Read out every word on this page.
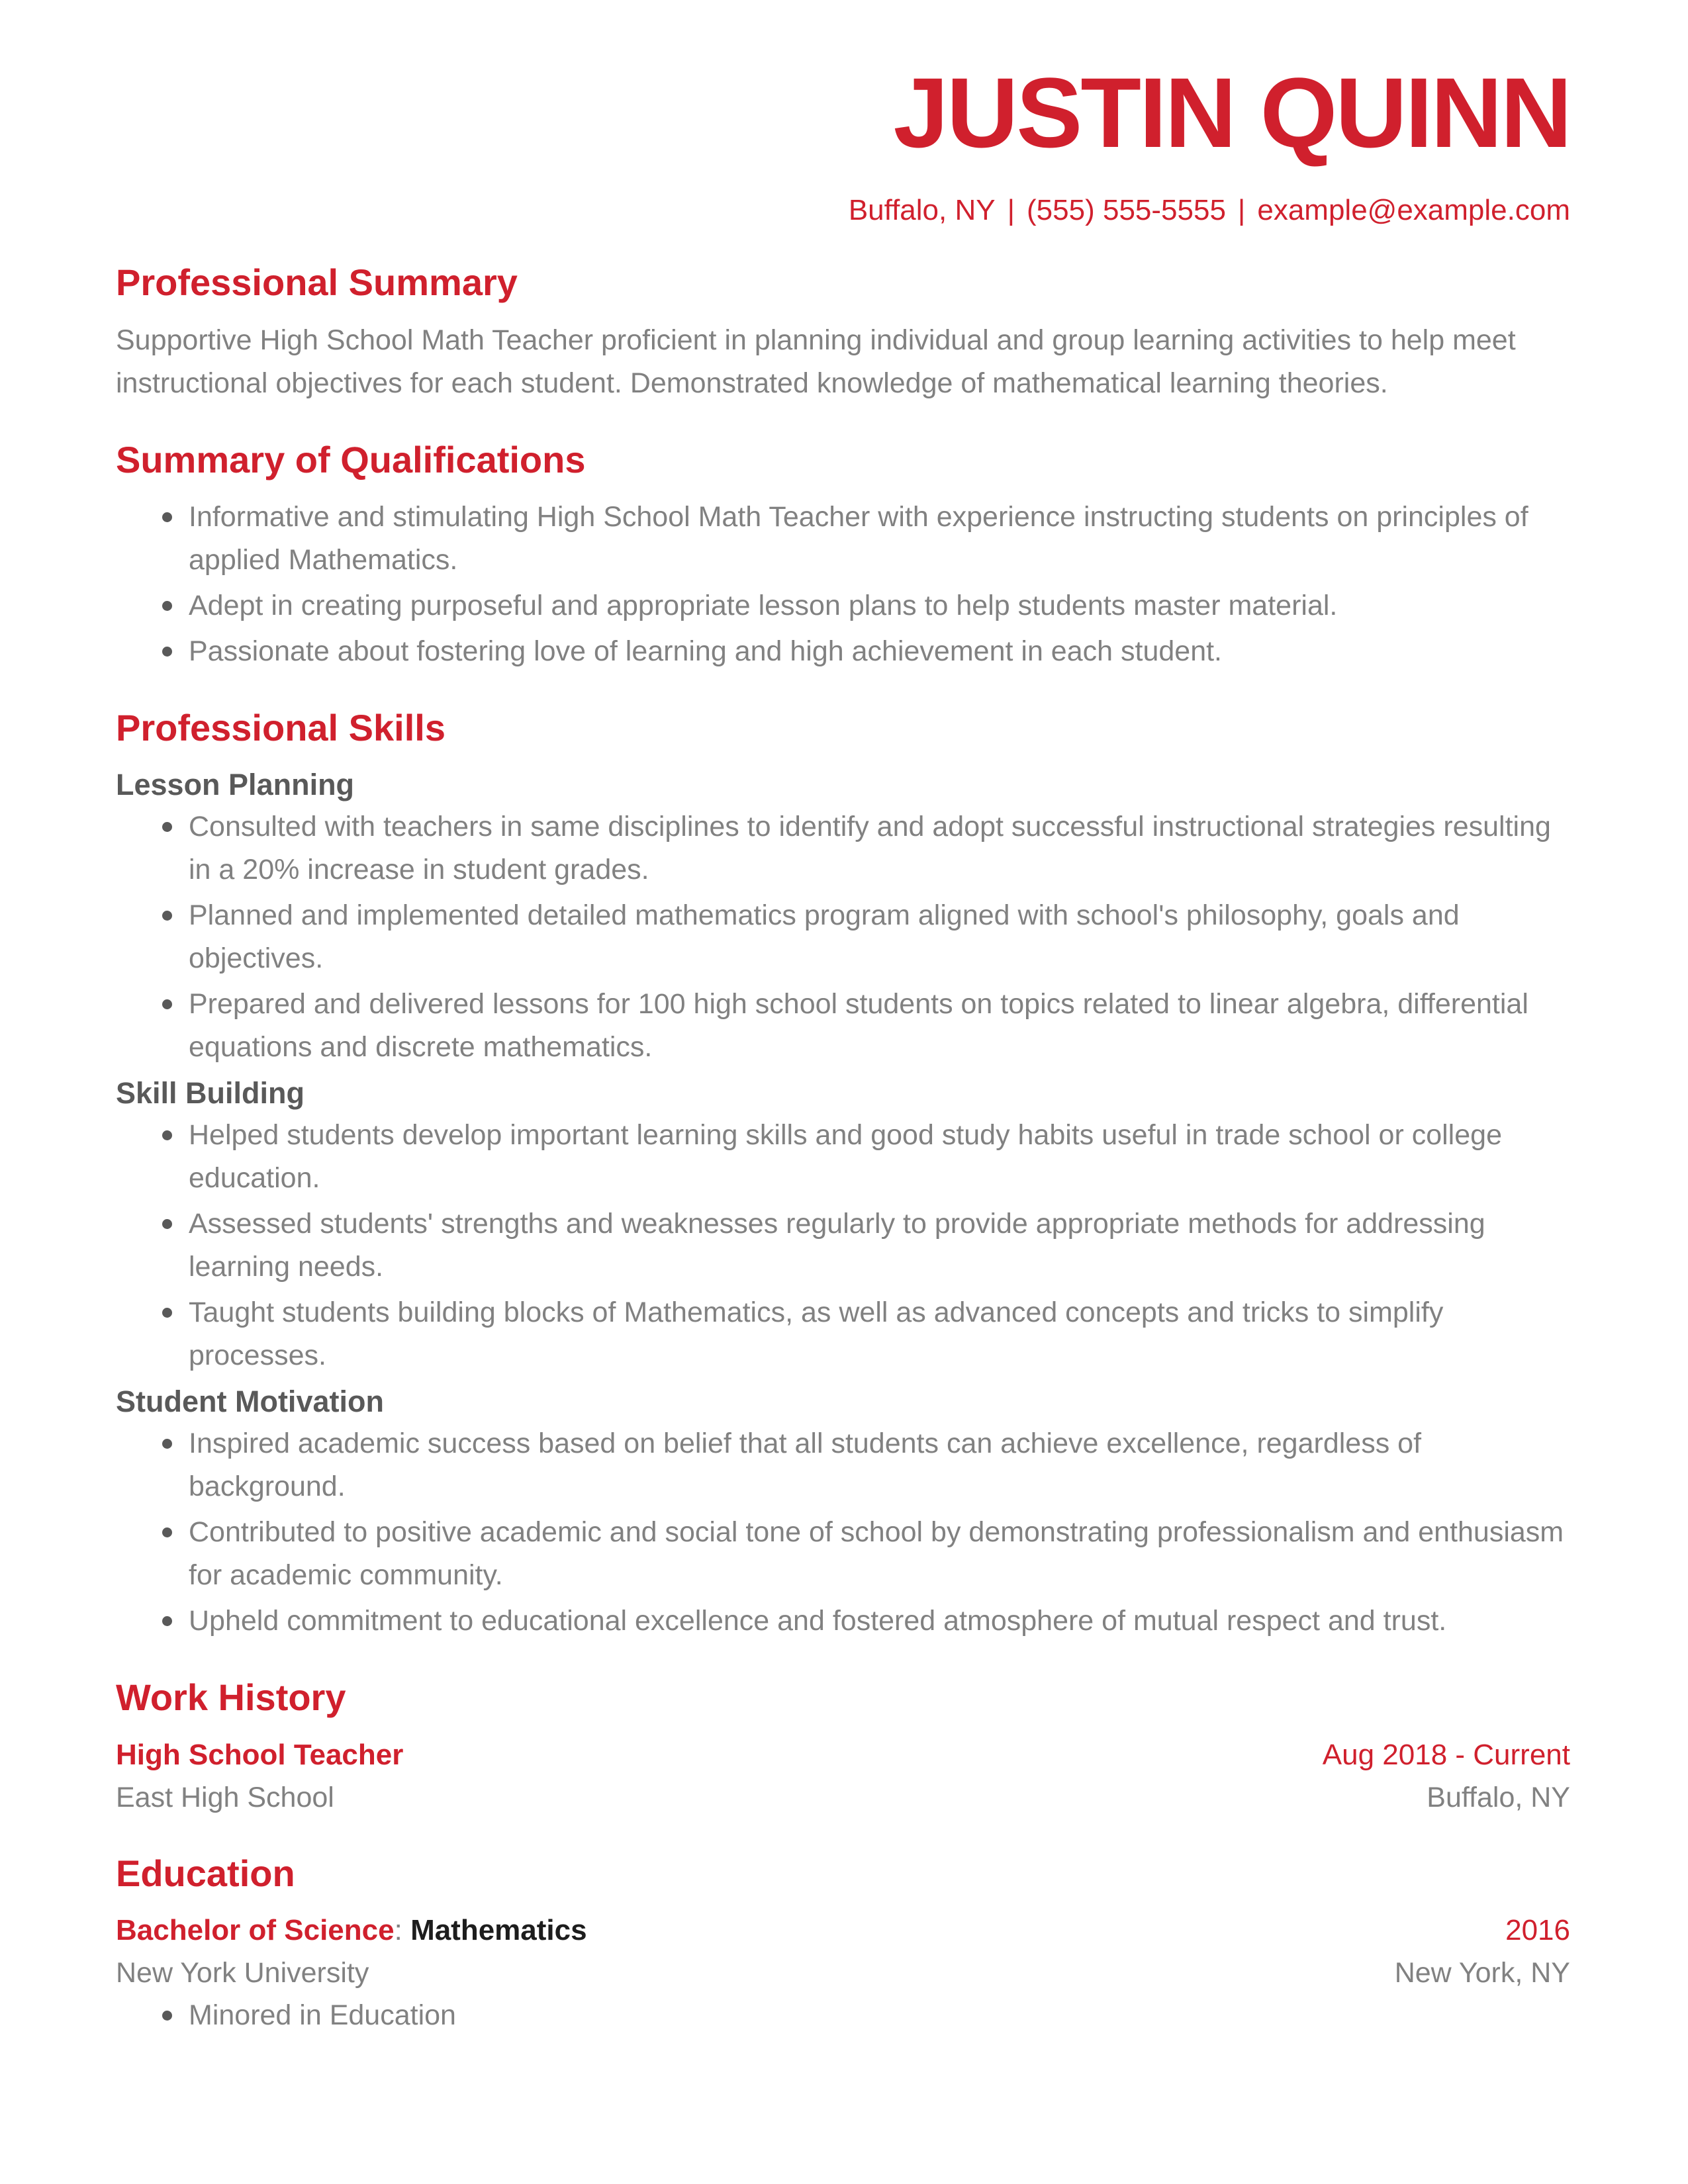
JUSTIN QUINN
Buffalo, NY | (555) 555-5555 | example@example.com
Professional Summary

Supportive High School Math Teacher proficient in planning individual and group learning activities to help meet instructional objectives for each student. Demonstrated knowledge of mathematical learning theories.

Summary of Qualifications
Informative and stimulating High School Math Teacher with experience instructing students on principles of applied Mathematics.
Adept in creating purposeful and appropriate lesson plans to help students master material.
Passionate about fostering love of learning and high achievement in each student.
Professional Skills
Lesson Planning
Consulted with teachers in same disciplines to identify and adopt successful instructional strategies resulting in a 20% increase in student grades.
Planned and implemented detailed mathematics program aligned with school's philosophy, goals and objectives.
Prepared and delivered lessons for 100 high school students on topics related to linear algebra, differential equations and discrete mathematics.
Skill Building
Helped students develop important learning skills and good study habits useful in trade school or college education.
Assessed students' strengths and weaknesses regularly to provide appropriate methods for addressing learning needs.
Taught students building blocks of Mathematics, as well as advanced concepts and tricks to simplify processes.
Student Motivation
Inspired academic success based on belief that all students can achieve excellence, regardless of background.
Contributed to positive academic and social tone of school by demonstrating professionalism and enthusiasm for academic community.
Upheld commitment to educational excellence and fostered atmosphere of mutual respect and trust.
Work History
High School Teacher	Aug 2018 - Current
East High School	Buffalo, NY
Education
Bachelor of Science: Mathematics	2016
New York University	New York, NY
Minored in Education
